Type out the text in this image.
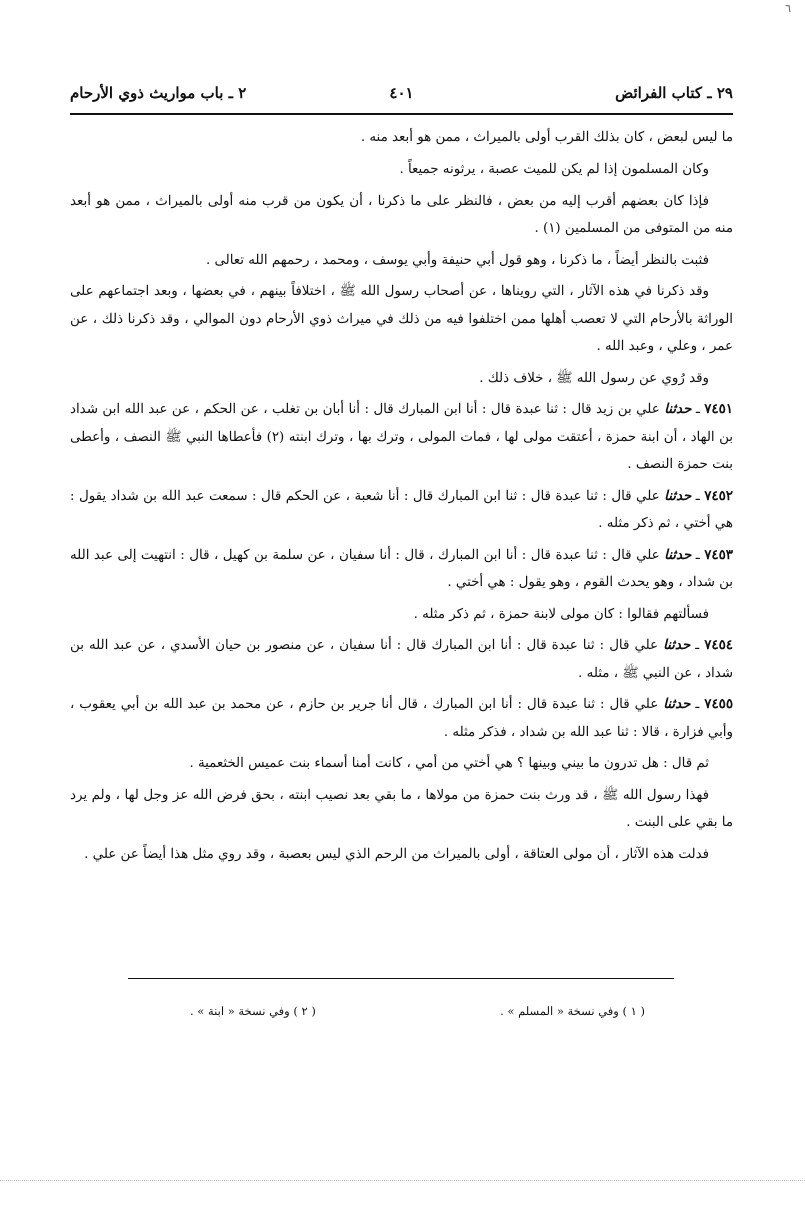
٦
٢٩ ـ كتاب الفرائض
٤٠١
٢ ـ باب مواريث ذوي الأرحام

ما ليس لبعض ، كان بذلك القرب أولى بالميراث ، ممن هو أبعد منه .

وكان المسلمون إذا لم يكن للميت عصبة ، يرثونه جميعاً .

فإذا كان بعضهم أقرب إليه من بعض ، فالنظر على ما ذكرنا ، أن يكون من قرب منه أولى بالميراث ، ممن هو أبعد منه من المتوفى من المسلمين (١) .

فثبت بالنظر أيضاً ، ما ذكرنا ، وهو قول أبي حنيفة وأبي يوسف ، ومحمد ، رحمهم الله تعالى .

وقد ذكرنا في هذه الآثار ، التي رويناها ، عن أصحاب رسول الله ﷺ ، اختلافاً بينهم ، في بعضها ، وبعد اجتماعهم على الوراثة بالأرحام التي لا تعصب أهلها ممن اختلفوا فيه من ذلك في ميراث ذوي الأرحام دون الموالي ، وقد ذكرنا ذلك ، عن عمر ، وعلي ، وعبد الله .

وقد رُوي عن رسول الله ﷺ ، خلاف ذلك .

٧٤٥١ ـ حدثنا علي بن زيد قال : ثنا عبدة قال : أنا ابن المبارك قال : أنا أبان بن تغلب ، عن الحكم ، عن عبد الله ابن شداد بن الهاد ، أن ابنة حمزة ، أعتقت مولى لها ، فمات المولى ، وترك بها ، وترك ابنته (٢) فأعطاها النبي ﷺ النصف ، وأعطى بنت حمزة النصف .

٧٤٥٢ ـ حدثنا علي قال : ثنا عبدة قال : ثنا ابن المبارك قال : أنا شعبة ، عن الحكم قال : سمعت عبد الله بن شداد يقول : هي أختي ، ثم ذكر مثله .

٧٤٥٣ ـ حدثنا علي قال : ثنا عبدة قال : أنا ابن المبارك ، قال : أنا سفيان ، عن سلمة بن كهيل ، قال : انتهيت إلى عبد الله بن شداد ، وهو يحدث القوم ، وهو يقول : هي أختي .

فسألتهم فقالوا : كان مولى لابنة حمزة ، ثم ذكر مثله .

٧٤٥٤ ـ حدثنا علي قال : ثنا عبدة قال : أنا ابن المبارك قال : أنا سفيان ، عن منصور بن حيان الأسدي ، عن عبد الله بن شداد ، عن النبي ﷺ ، مثله .

٧٤٥٥ ـ حدثنا علي قال : ثنا عبدة قال : أنا ابن المبارك ، قال أنا جرير بن حازم ، عن محمد بن عبد الله بن أبي يعقوب ، وأبي فزارة ، قالا : ثنا عبد الله بن شداد ، فذكر مثله .

ثم قال : هل تدرون ما بيني وبينها ؟ هي أختي من أمي ، كانت أمنا أسماء بنت عميس الخثعمية .

فهذا رسول الله ﷺ ، قد ورث بنت حمزة من مولاها ، ما بقي بعد نصيب ابنته ، بحق فرض الله عز وجل لها ، ولم يرد ما بقي على البنت .

فدلت هذه الآثار ، أن مولى العتاقة ، أولى بالميراث من الرحم الذي ليس بعصبة ، وقد روي مثل هذا أيضاً عن علي .

( ١ ) وفي نسخة « المسلم » .
( ٢ ) وفي نسخة « ابنة » .
